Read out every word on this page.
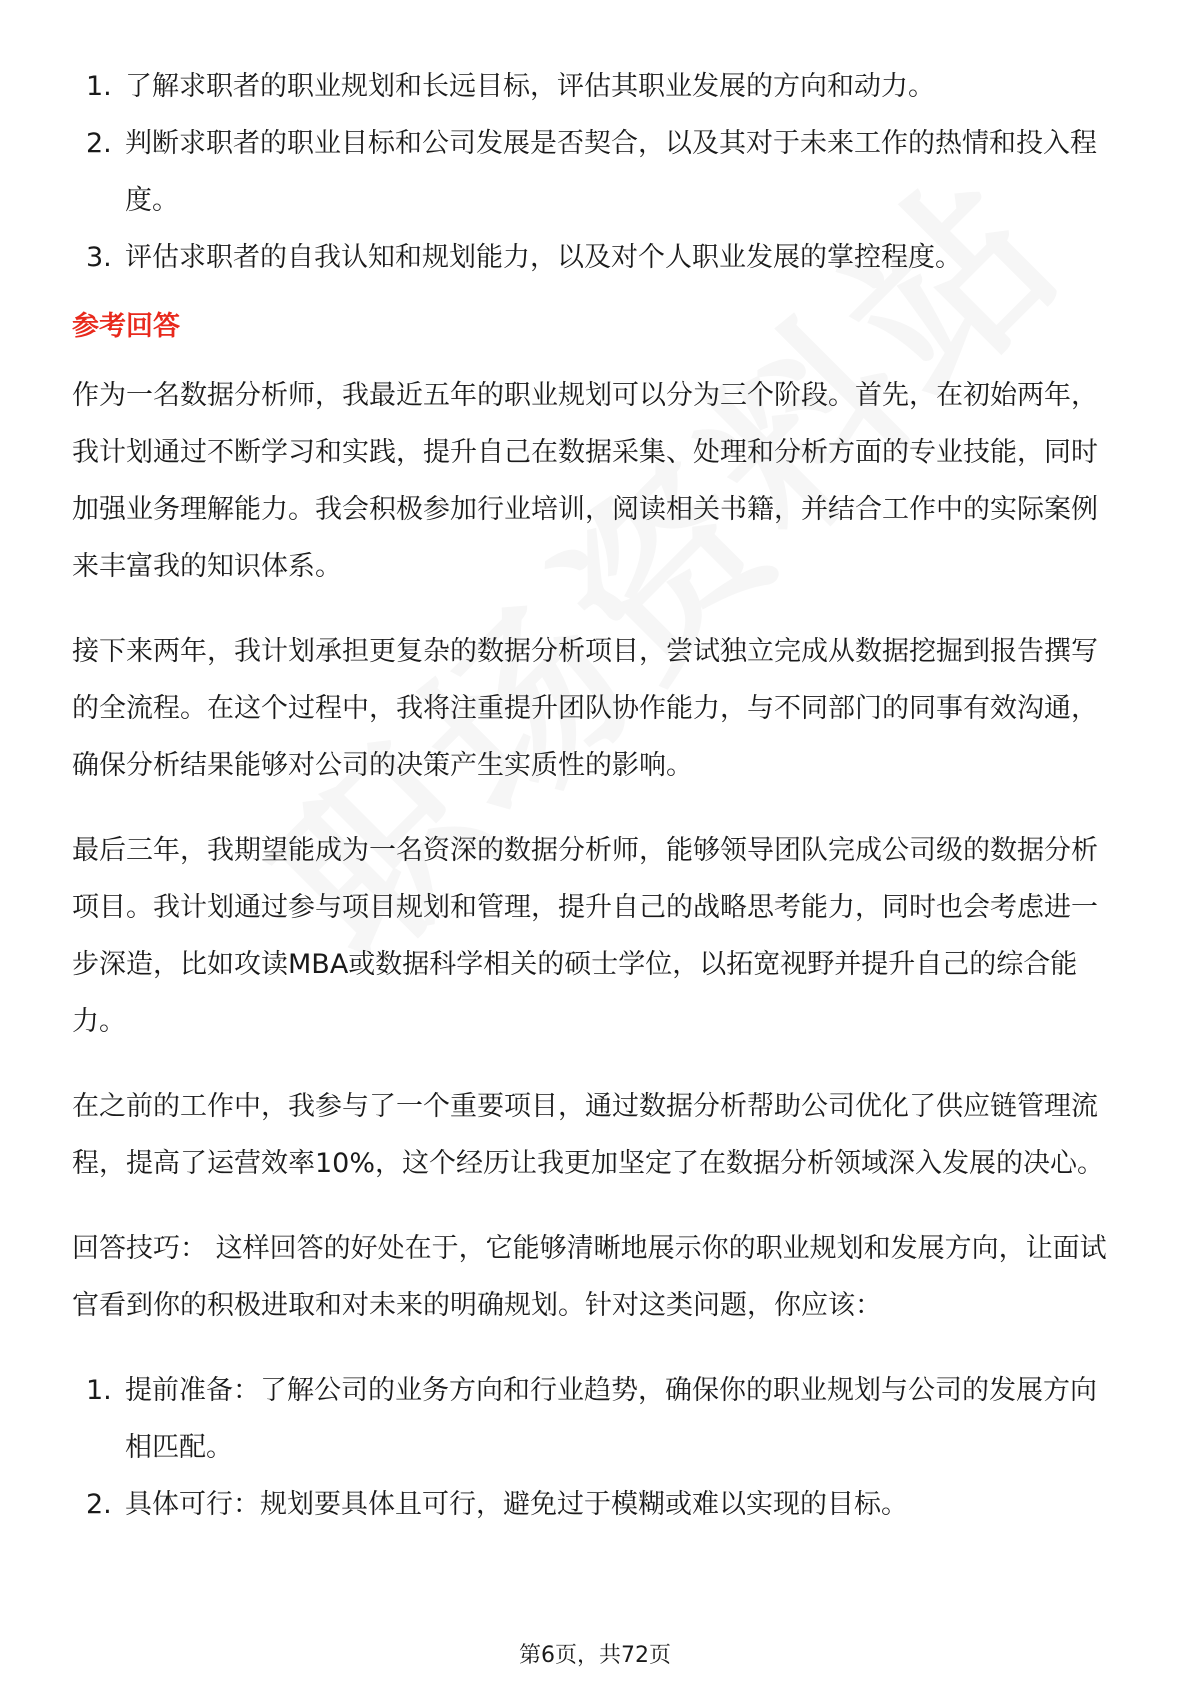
1. 了解求职者的职业规划和长远目标，评估其职业发展的方向和动力。
2. 判断求职者的职业目标和公司发展是否契合，以及其对于未来工作的热情和投入程度。
3. 评估求职者的自我认知和规划能力，以及对个人职业发展的掌控程度。
参考回答

作为一名数据分析师，我最近五年的职业规划可以分为三个阶段。首先，在初始两年，我计划通过不断学习和实践，提升自己在数据采集、处理和分析方面的专业技能，同时加强业务理解能力。我会积极参加行业培训，阅读相关书籍，并结合工作中的实际案例来丰富我的知识体系。

接下来两年，我计划承担更复杂的数据分析项目，尝试独立完成从数据挖掘到报告撰写的全流程。在这个过程中，我将注重提升团队协作能力，与不同部门的同事有效沟通，确保分析结果能够对公司的决策产生实质性的影响。

最后三年，我期望能成为一名资深的数据分析师，能够领导团队完成公司级的数据分析项目。我计划通过参与项目规划和管理，提升自己的战略思考能力，同时也会考虑进一步深造，比如攻读MBA或数据科学相关的硕士学位，以拓宽视野并提升自己的综合能力。

在之前的工作中，我参与了一个重要项目，通过数据分析帮助公司优化了供应链管理流程，提高了运营效率10%，这个经历让我更加坚定了在数据分析领域深入发展的决心。

回答技巧： 这样回答的好处在于，它能够清晰地展示你的职业规划和发展方向，让面试官看到你的积极进取和对未来的明确规划。针对这类问题，你应该：

1. 提前准备：了解公司的业务方向和行业趋势，确保你的职业规划与公司的发展方向相匹配。
2. 具体可行：规划要具体且可行，避免过于模糊或难以实现的目标。
第6页，共72页
